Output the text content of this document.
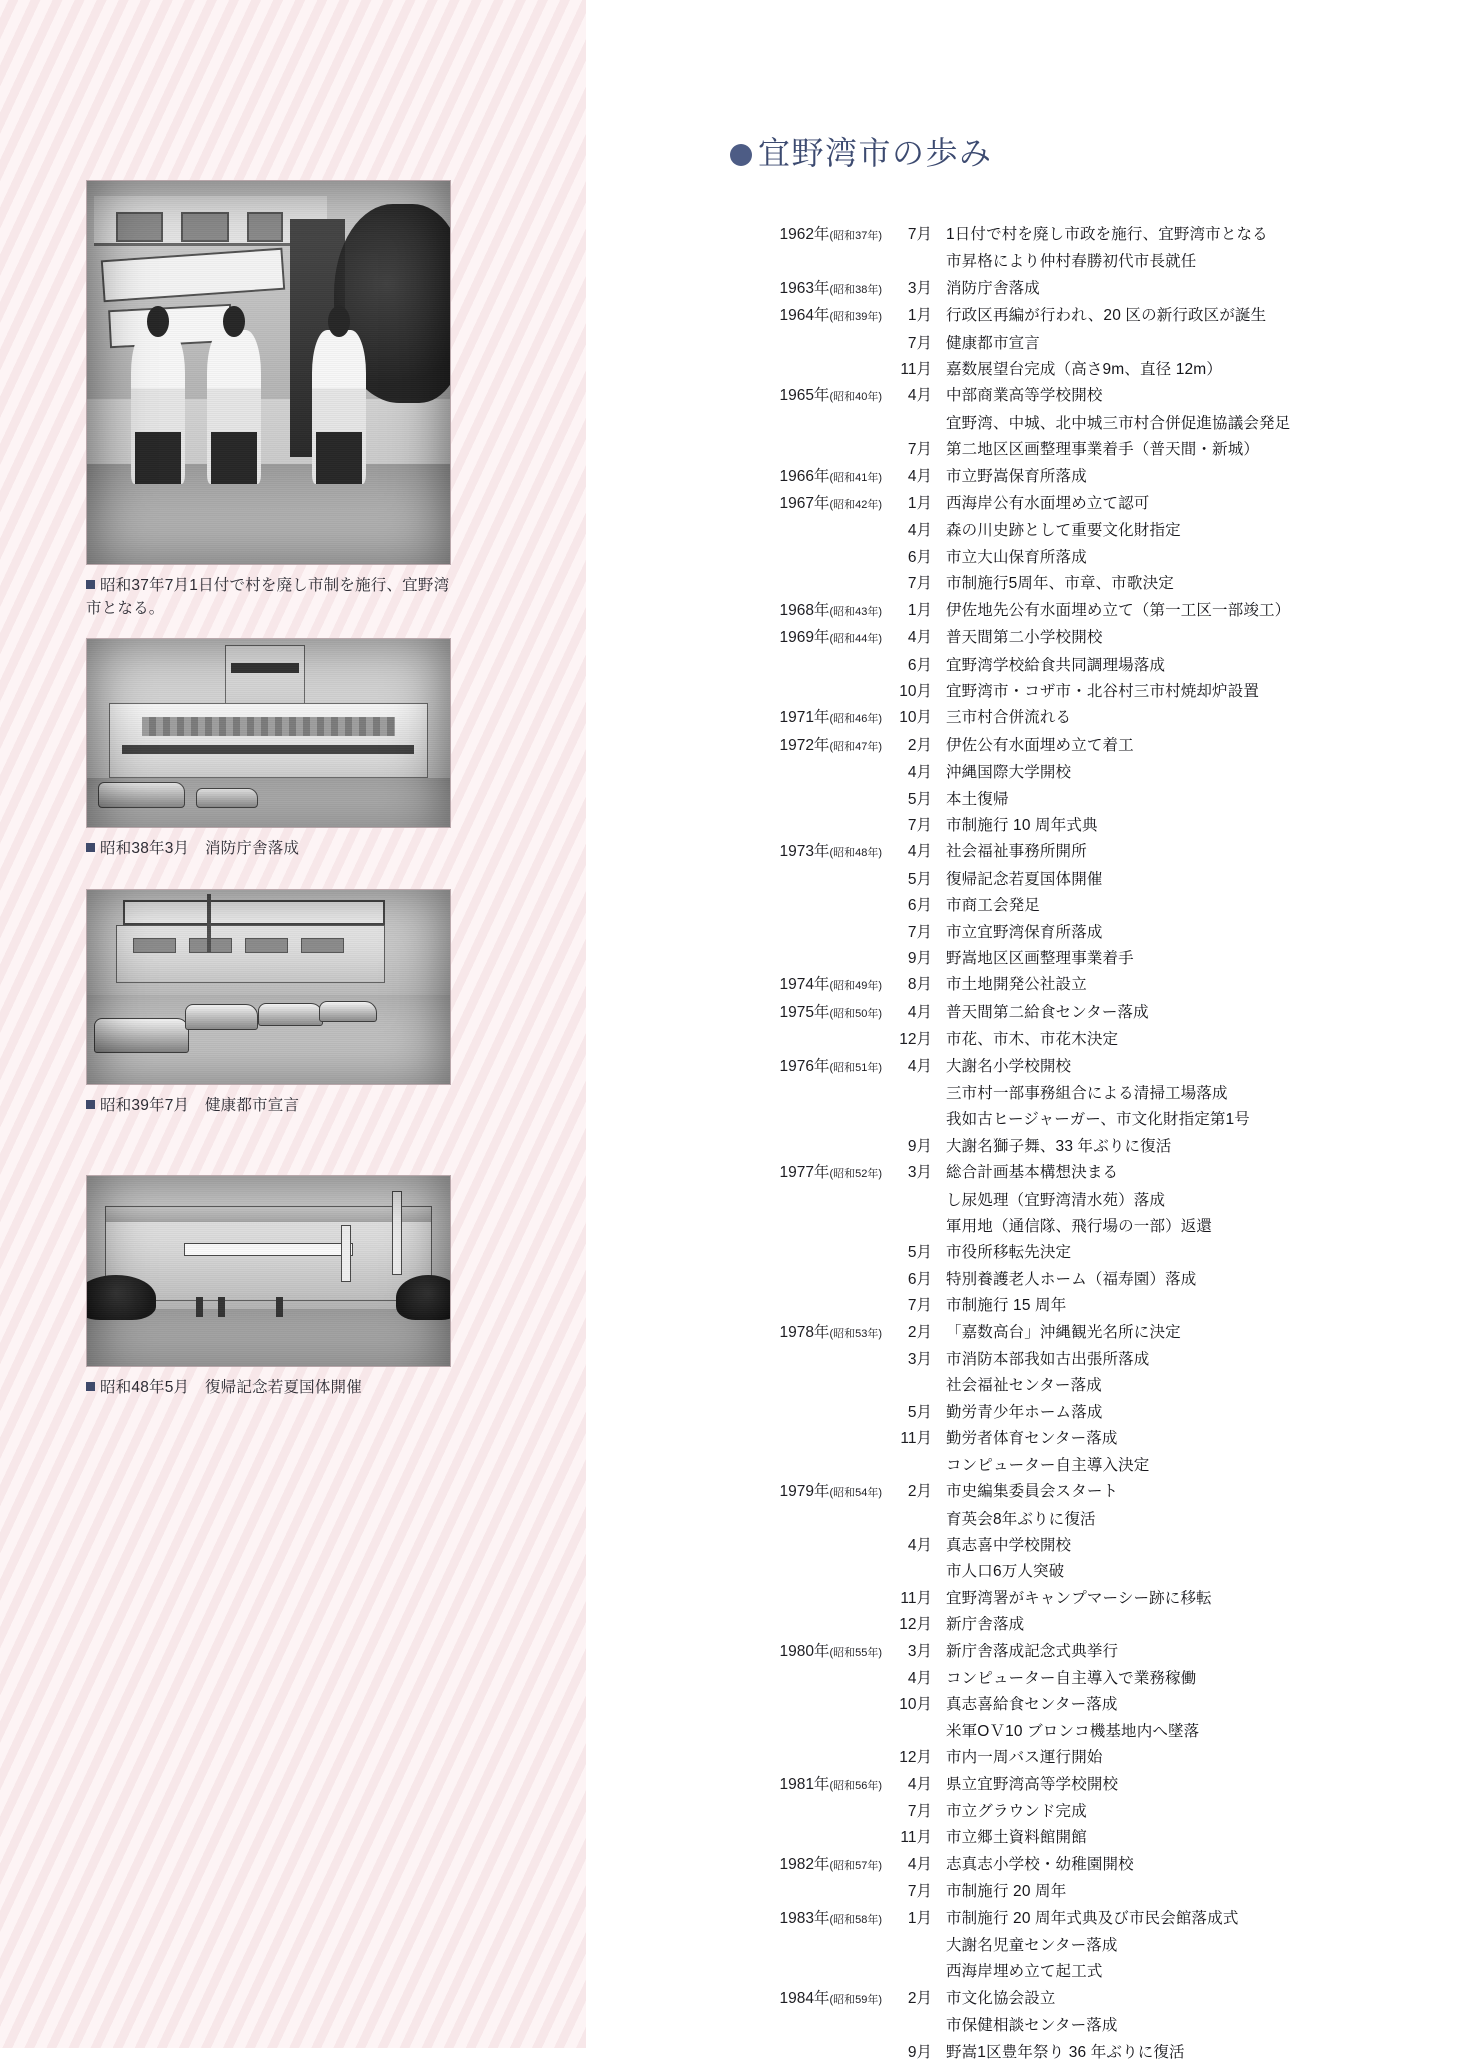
昭和37年7月1日付で村を廃し市制を施行、宜野湾市となる。
昭和38年3月　消防庁舎落成
昭和39年7月　健康都市宣言
昭和48年5月　復帰記念若夏国体開催
宜野湾市の歩み
1962年(昭和37年)	7月 1日付で村を廃し市政を施行、宜野湾市となる
市昇格により仲村春勝初代市長就任
1963年(昭和38年)	3月 消防庁舎落成
1964年(昭和39年)	1月 行政区再編が行われ、20 区の新行政区が誕生
7月 健康都市宣言
11月 嘉数展望台完成（高さ9m、直径 12m）
1965年(昭和40年)	4月 中部商業高等学校開校
宜野湾、中城、北中城三市村合併促進協議会発足
7月 第二地区区画整理事業着手（普天間・新城）
1966年(昭和41年)	4月 市立野嵩保育所落成
1967年(昭和42年)	1月 西海岸公有水面埋め立て認可
4月 森の川史跡として重要文化財指定
6月 市立大山保育所落成
7月 市制施行5周年、市章、市歌決定
1968年(昭和43年)	1月 伊佐地先公有水面埋め立て（第一工区一部竣工）
1969年(昭和44年)	4月 普天間第二小学校開校
6月 宜野湾学校給食共同調理場落成
10月 宜野湾市・コザ市・北谷村三市村焼却炉設置
1971年(昭和46年)	10月 三市村合併流れる
1972年(昭和47年)	2月 伊佐公有水面埋め立て着工
4月 沖縄国際大学開校
5月 本土復帰
7月 市制施行 10 周年式典
1973年(昭和48年)	4月 社会福祉事務所開所
5月 復帰記念若夏国体開催
6月 市商工会発足
7月 市立宜野湾保育所落成
9月 野嵩地区区画整理事業着手
1974年(昭和49年)	8月 市土地開発公社設立
1975年(昭和50年)	4月 普天間第二給食センター落成
12月 市花、市木、市花木決定
1976年(昭和51年)	4月 大謝名小学校開校
三市村一部事務組合による清掃工場落成
我如古ヒージャーガー、市文化財指定第1号
9月 大謝名獅子舞、33 年ぶりに復活
1977年(昭和52年)	3月 総合計画基本構想決まる
し尿処理（宜野湾清水苑）落成
軍用地（通信隊、飛行場の一部）返還
5月 市役所移転先決定
6月 特別養護老人ホーム（福寿園）落成
7月 市制施行 15 周年
1978年(昭和53年)	2月 「嘉数高台」沖縄観光名所に決定
3月 市消防本部我如古出張所落成
社会福祉センター落成
5月 勤労青少年ホーム落成
11月 勤労者体育センター落成
コンピューター自主導入決定
1979年(昭和54年)	2月 市史編集委員会スタート
育英会8年ぶりに復活
4月 真志喜中学校開校
市人口6万人突破
11月 宜野湾署がキャンプマーシー跡に移転
12月 新庁舎落成
1980年(昭和55年)	3月 新庁舎落成記念式典挙行
4月 コンピューター自主導入で業務稼働
10月 真志喜給食センター落成
米軍ОＶ10 ブロンコ機基地内へ墜落
12月 市内一周バス運行開始
1981年(昭和56年)	4月 県立宜野湾高等学校開校
7月 市立グラウンド完成
11月 市立郷土資料館開館
1982年(昭和57年)	4月 志真志小学校・幼稚園開校
7月 市制施行 20 周年
1983年(昭和58年)	1月 市制施行 20 周年式典及び市民会館落成式
大謝名児童センター落成
西海岸埋め立て起工式
1984年(昭和59年)	2月 市文化協会設立
市保健相談センター落成
9月 野嵩1区豊年祭り 36 年ぶりに復活
